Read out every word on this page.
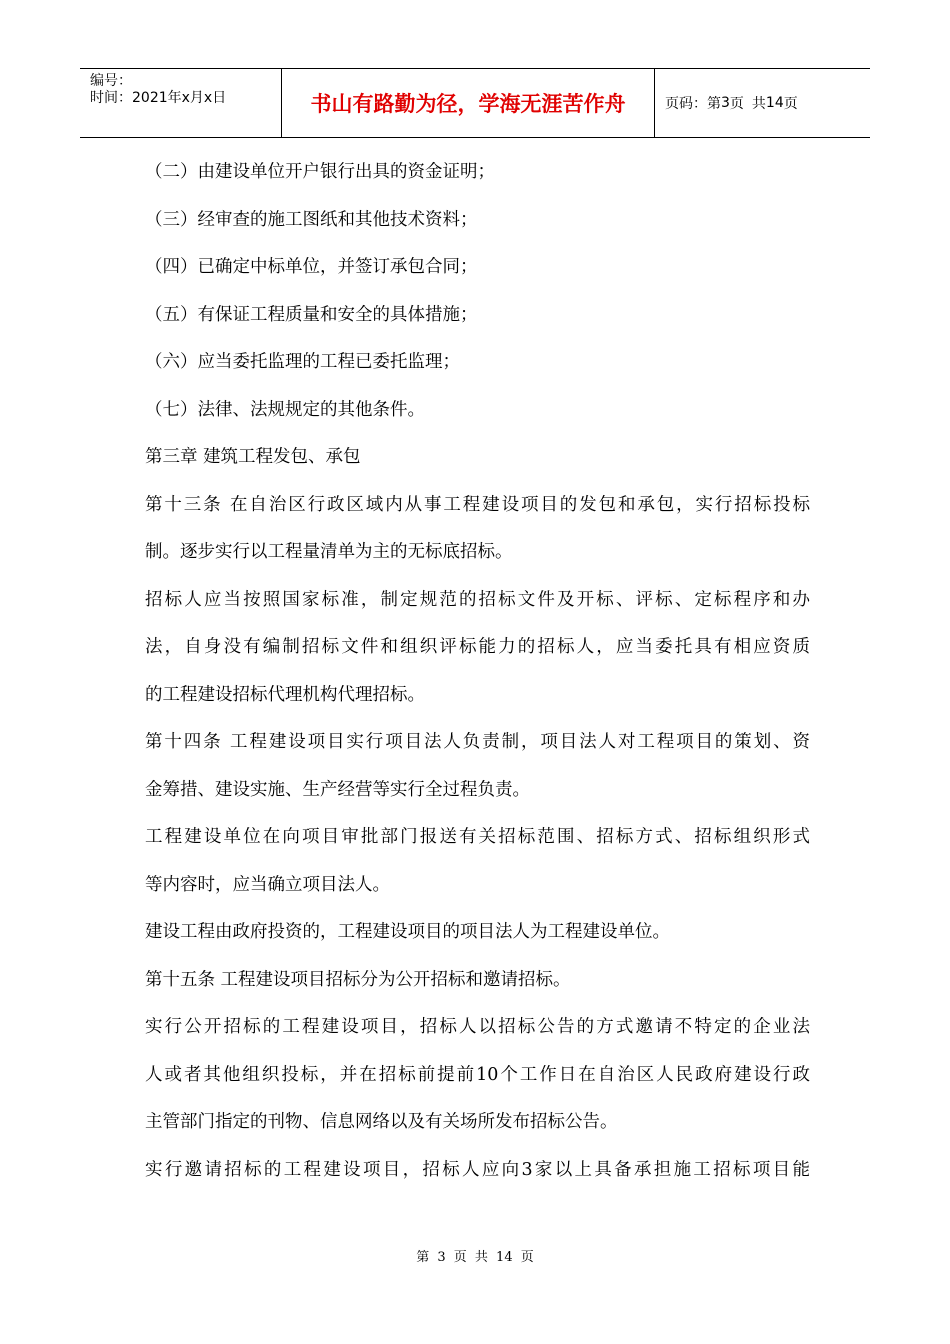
编号：
时间：2021年x月x日	书山有路勤为径，学海无涯苦作舟	页码：第 3 页 共 14 页
（二）由建设单位开户银行出具的资金证明；
（三）经审查的施工图纸和其他技术资料；
（四）已确定中标单位，并签订承包合同；
（五）有保证工程质量和安全的具体措施；
（六）应当委托监理的工程已委托监理；
（七）法律、法规规定的其他条件。
第三章 建筑工程发包、承包
第十三条 在自治区行政区域内从事工程建设项目的发包和承包，实行招标投标
制。逐步实行以工程量清单为主的无标底招标。
招标人应当按照国家标准，制定规范的招标文件及开标、评标、定标程序和办
法，自身没有编制招标文件和组织评标能力的招标人，应当委托具有相应资质
的工程建设招标代理机构代理招标。
第十四条 工程建设项目实行项目法人负责制，项目法人对工程项目的策划、资
金筹措、建设实施、生产经营等实行全过程负责。
工程建设单位在向项目审批部门报送有关招标范围、招标方式、招标组织形式
等内容时，应当确立项目法人。
建设工程由政府投资的，工程建设项目的项目法人为工程建设单位。
第十五条 工程建设项目招标分为公开招标和邀请招标。
实行公开招标的工程建设项目，招标人以招标公告的方式邀请不特定的企业法
人或者其他组织投标，并在招标前提前10个工作日在自治区人民政府建设行政
主管部门指定的刊物、信息网络以及有关场所发布招标公告。
实行邀请招标的工程建设项目，招标人应向3家以上具备承担施工招标项目能
第 3 页 共 14 页
